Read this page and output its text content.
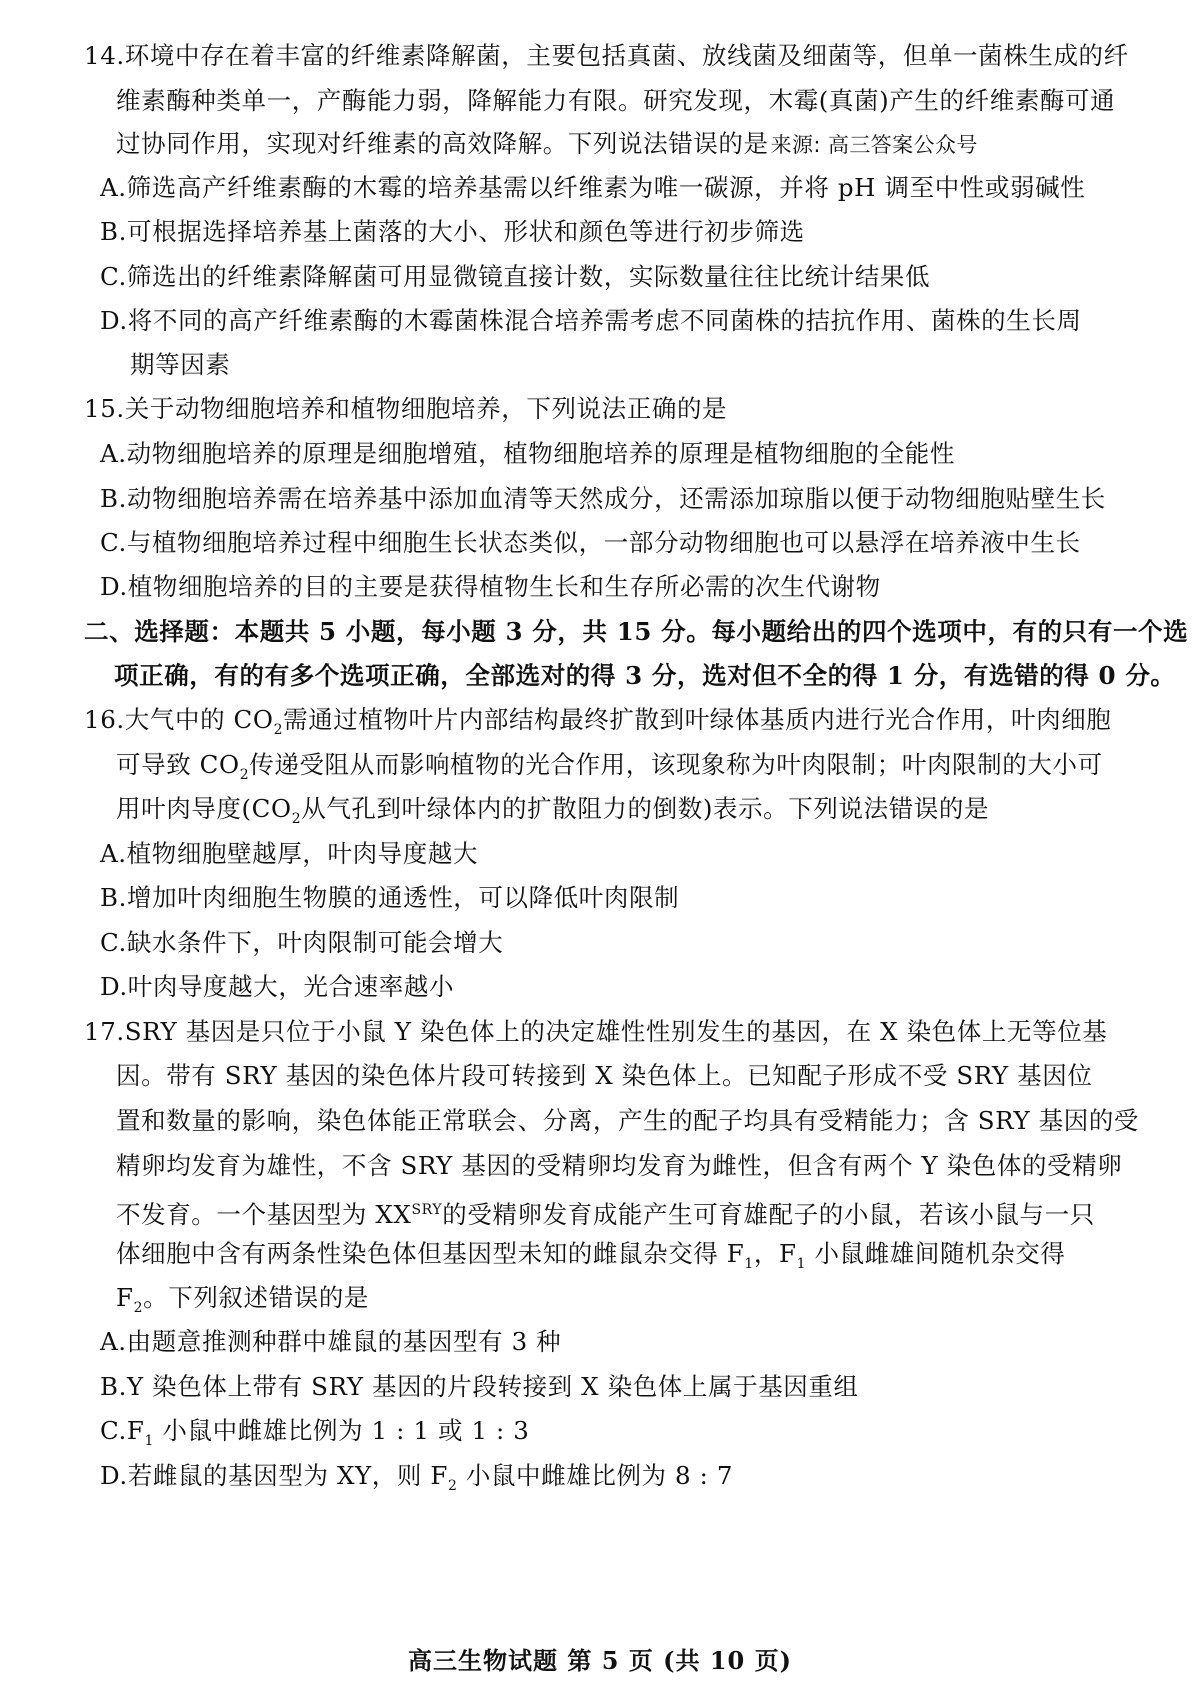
14.环境中存在着丰富的纤维素降解菌，主要包括真菌、放线菌及细菌等，但单一菌株生成的纤
维素酶种类单一，产酶能力弱，降解能力有限。研究发现，木霉(真菌)产生的纤维素酶可通
过协同作用，实现对纤维素的高效降解。下列说法错误的是来源: 高三答案公众号
A.筛选高产纤维素酶的木霉的培养基需以纤维素为唯一碳源，并将 pH 调至中性或弱碱性
B.可根据选择培养基上菌落的大小、形状和颜色等进行初步筛选
C.筛选出的纤维素降解菌可用显微镜直接计数，实际数量往往比统计结果低
D.将不同的高产纤维素酶的木霉菌株混合培养需考虑不同菌株的拮抗作用、菌株的生长周
期等因素
15.关于动物细胞培养和植物细胞培养，下列说法正确的是
A.动物细胞培养的原理是细胞增殖，植物细胞培养的原理是植物细胞的全能性
B.动物细胞培养需在培养基中添加血清等天然成分，还需添加琼脂以便于动物细胞贴壁生长
C.与植物细胞培养过程中细胞生长状态类似，一部分动物细胞也可以悬浮在培养液中生长
D.植物细胞培养的目的主要是获得植物生长和生存所必需的次生代谢物
二、选择题：本题共 5 小题，每小题 3 分，共 15 分。每小题给出的四个选项中，有的只有一个选
项正确，有的有多个选项正确，全部选对的得 3 分，选对但不全的得 1 分，有选错的得 0 分。
16.大气中的 $CO_2$需通过植物叶片内部结构最终扩散到叶绿体基质内进行光合作用，叶肉细胞
可导致 $CO_2$传递受阻从而影响植物的光合作用，该现象称为叶肉限制；叶肉限制的大小可
用叶肉导度($CO_2$从气孔到叶绿体内的扩散阻力的倒数)表示。下列说法错误的是
A.植物细胞壁越厚，叶肉导度越大
B.增加叶肉细胞生物膜的通透性，可以降低叶肉限制
C.缺水条件下，叶肉限制可能会增大
D.叶肉导度越大，光合速率越小
17.SRY 基因是只位于小鼠 Y 染色体上的决定雄性性别发生的基因，在 X 染色体上无等位基
因。带有 SRY 基因的染色体片段可转接到 X 染色体上。已知配子形成不受 SRY 基因位
置和数量的影响，染色体能正常联会、分离，产生的配子均具有受精能力；含 SRY 基因的受
精卵均发育为雄性，不含 SRY 基因的受精卵均发育为雌性，但含有两个 Y 染色体的受精卵
不发育。一个基因型为 $XX^{SRY}$的受精卵发育成能产生可育雄配子的小鼠，若该小鼠与一只
体细胞中含有两条性染色体但基因型未知的雌鼠杂交得 $F_1$，$F_1$ 小鼠雌雄间随机杂交得
$F_2$。下列叙述错误的是
A.由题意推测种群中雄鼠的基因型有 3 种
B.Y 染色体上带有 SRY 基因的片段转接到 X 染色体上属于基因重组
$C.F_1$ 小鼠中雌雄比例为 1 : 1 或 1 : 3
D.若雌鼠的基因型为 XY，则 $F_2$ 小鼠中雌雄比例为 8 : 7
高三生物试题 第 5 页 (共 10 页)
